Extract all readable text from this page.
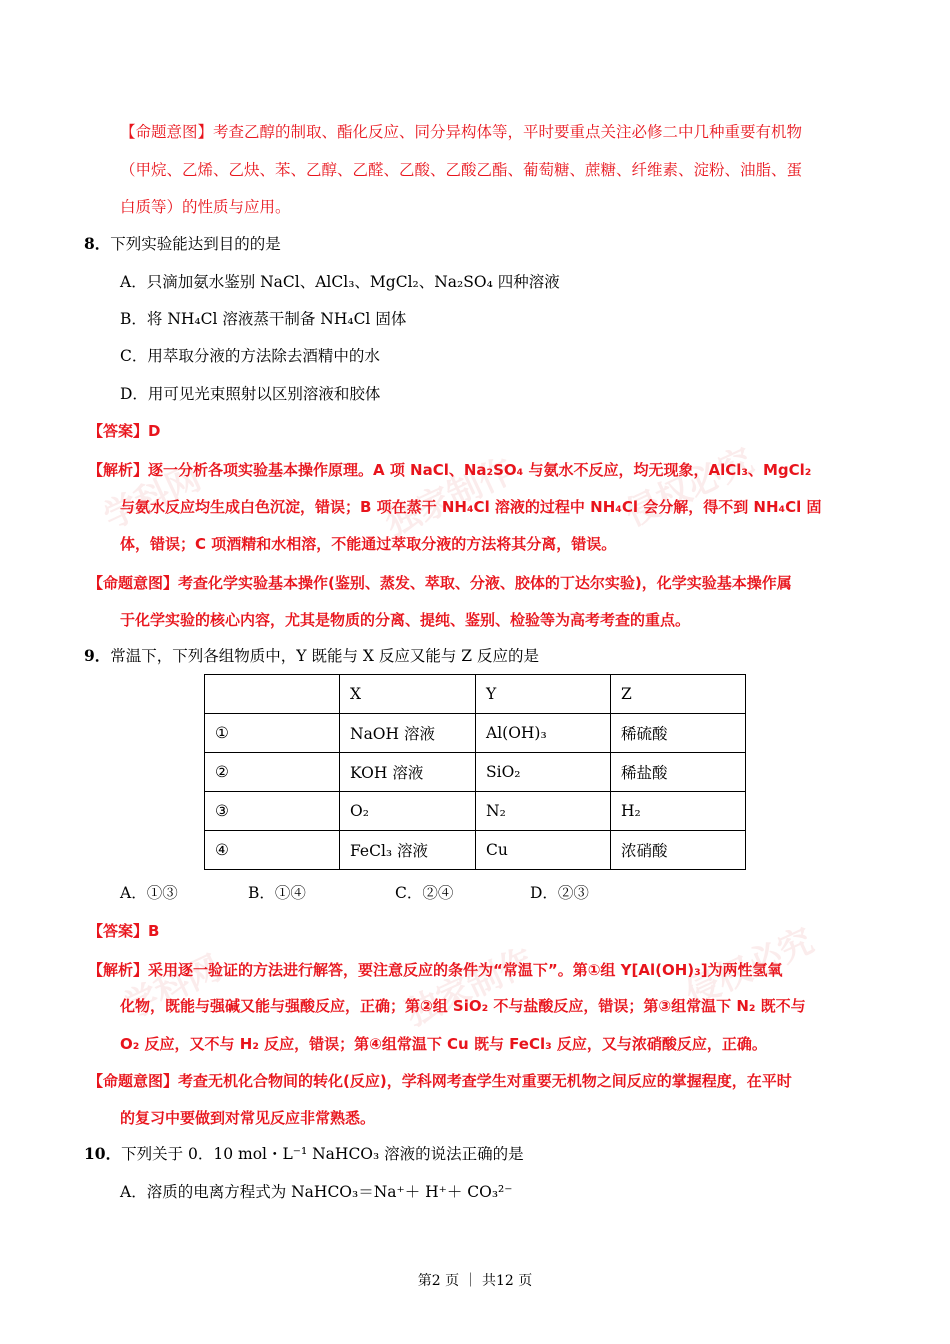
学科网	独家制作	侵权必究
学科网	独家制作	侵权必究
【命题意图】考查乙醇的制取、酯化反应、同分异构体等，平时要重点关注必修二中几种重要有机物
（甲烷、乙烯、乙炔、苯、乙醇、乙醛、乙酸、乙酸乙酯、葡萄糖、蔗糖、纤维素、淀粉、油脂、蛋
白质等）的性质与应用。
8．下列实验能达到目的的是
A．只滴加氨水鉴别 NaCl、AlCl₃、MgCl₂、Na₂SO₄ 四种溶液
B．将 NH₄Cl 溶液蒸干制备 NH₄Cl 固体
C．用萃取分液的方法除去酒精中的水
D．用可见光束照射以区别溶液和胶体
【答案】D
【解析】逐一分析各项实验基本操作原理。A 项 NaCl、Na₂SO₄ 与氨水不反应，均无现象，AlCl₃、MgCl₂
与氨水反应均生成白色沉淀，错误；B 项在蒸干 NH₄Cl 溶液的过程中 NH₄Cl 会分解，得不到 NH₄Cl 固
体，错误；C 项酒精和水相溶，不能通过萃取分液的方法将其分离，错误。
【命题意图】考查化学实验基本操作(鉴别、蒸发、萃取、分液、胶体的丁达尔实验)，化学实验基本操作属
于化学实验的核心内容，尤其是物质的分离、提纯、鉴别、检验等为高考考查的重点。
9．常温下，下列各组物质中，Y 既能与 X 反应又能与 Z 反应的是
	X	Y	Z
①	NaOH 溶液	Al(OH)₃	稀硫酸
②	KOH 溶液	SiO₂	稀盐酸
③	O₂	N₂	H₂
④	FeCl₃ 溶液	Cu	浓硝酸
A．①③	B．①④	C．②④	D．②③
【答案】B
【解析】采用逐一验证的方法进行解答，要注意反应的条件为“常温下”。第①组 Y[Al(OH)₃]为两性氢氧
化物，既能与强碱又能与强酸反应，正确；第②组 SiO₂ 不与盐酸反应，错误；第③组常温下 N₂ 既不与
O₂ 反应，又不与 H₂ 反应，错误；第④组常温下 Cu 既与 FeCl₃ 反应，又与浓硝酸反应，正确。
【命题意图】考查无机化合物间的转化(反应)，学科网考查学生对重要无机物之间反应的掌握程度，在平时
的复习中要做到对常见反应非常熟悉。
10．下列关于 0．10 mol・L⁻¹ NaHCO₃ 溶液的说法正确的是
A．溶质的电离方程式为 NaHCO₃＝Na⁺＋ H⁺＋ CO₃²⁻
第2 页 ｜ 共12 页
